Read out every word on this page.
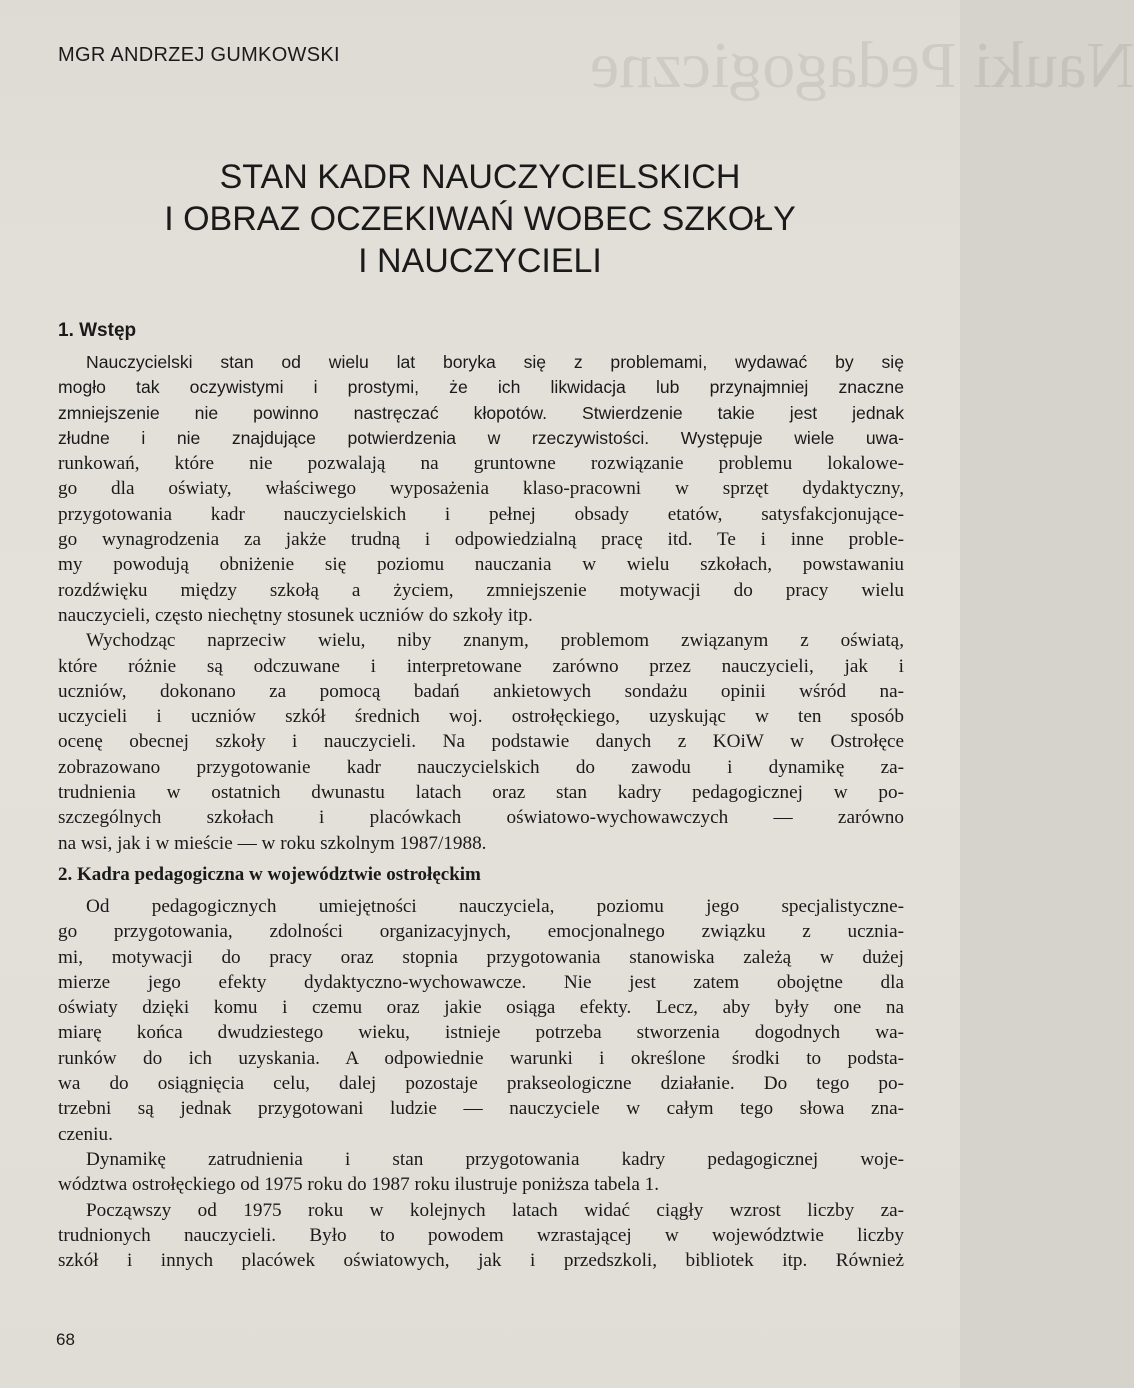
Nauki Pedagogiczne
MGR ANDRZEJ GUMKOWSKI
STAN KADR NAUCZYCIELSKICH
I OBRAZ OCZEKIWAŃ WOBEC SZKOŁY
I NAUCZYCIELI
1. Wstęp
Nauczycielski stan od wielu lat boryka się z problemami, wydawać by się
mogło tak oczywistymi i prostymi, że ich likwidacja lub przynajmniej znaczne
zmniejszenie nie powinno nastręczać kłopotów. Stwierdzenie takie jest jednak
złudne i nie znajdujące potwierdzenia w rzeczywistości. Występuje wiele uwa-
runkowań, które nie pozwalają na gruntowne rozwiązanie problemu lokalowe-
go dla oświaty, właściwego wyposażenia klaso-pracowni w sprzęt dydaktyczny,
przygotowania kadr nauczycielskich i pełnej obsady etatów, satysfakcjonujące-
go wynagrodzenia za jakże trudną i odpowiedzialną pracę itd. Te i inne proble-
my powodują obniżenie się poziomu nauczania w wielu szkołach, powstawaniu
rozdźwięku między szkołą a życiem, zmniejszenie motywacji do pracy wielu
nauczycieli, często niechętny stosunek uczniów do szkoły itp.
Wychodząc naprzeciw wielu, niby znanym, problemom związanym z oświatą,
które różnie są odczuwane i interpretowane zarówno przez nauczycieli, jak i
uczniów, dokonano za pomocą badań ankietowych sondażu opinii wśród na-
uczycieli i uczniów szkół średnich woj. ostrołęckiego, uzyskując w ten sposób
ocenę obecnej szkoły i nauczycieli. Na podstawie danych z KOiW w Ostrołęce
zobrazowano przygotowanie kadr nauczycielskich do zawodu i dynamikę za-
trudnienia w ostatnich dwunastu latach oraz stan kadry pedagogicznej w po-
szczególnych szkołach i placówkach oświatowo-wychowawczych — zarówno
na wsi, jak i w mieście — w roku szkolnym 1987/1988.
2. Kadra pedagogiczna w województwie ostrołęckim
Od pedagogicznych umiejętności nauczyciela, poziomu jego specjalistyczne-
go przygotowania, zdolności organizacyjnych, emocjonalnego związku z ucznia-
mi, motywacji do pracy oraz stopnia przygotowania stanowiska zależą w dużej
mierze jego efekty dydaktyczno-wychowawcze. Nie jest zatem obojętne dla
oświaty dzięki komu i czemu oraz jakie osiąga efekty. Lecz, aby były one na
miarę końca dwudziestego wieku, istnieje potrzeba stworzenia dogodnych wa-
runków do ich uzyskania. A odpowiednie warunki i określone środki to podsta-
wa do osiągnięcia celu, dalej pozostaje prakseologiczne działanie. Do tego po-
trzebni są jednak przygotowani ludzie — nauczyciele w całym tego słowa zna-
czeniu.
Dynamikę zatrudnienia i stan przygotowania kadry pedagogicznej woje-
wództwa ostrołęckiego od 1975 roku do 1987 roku ilustruje poniższa tabela 1.
Począwszy od 1975 roku w kolejnych latach widać ciągły wzrost liczby za-
trudnionych nauczycieli. Było to powodem wzrastającej w województwie liczby
szkół i innych placówek oświatowych, jak i przedszkoli, bibliotek itp. Również
68
